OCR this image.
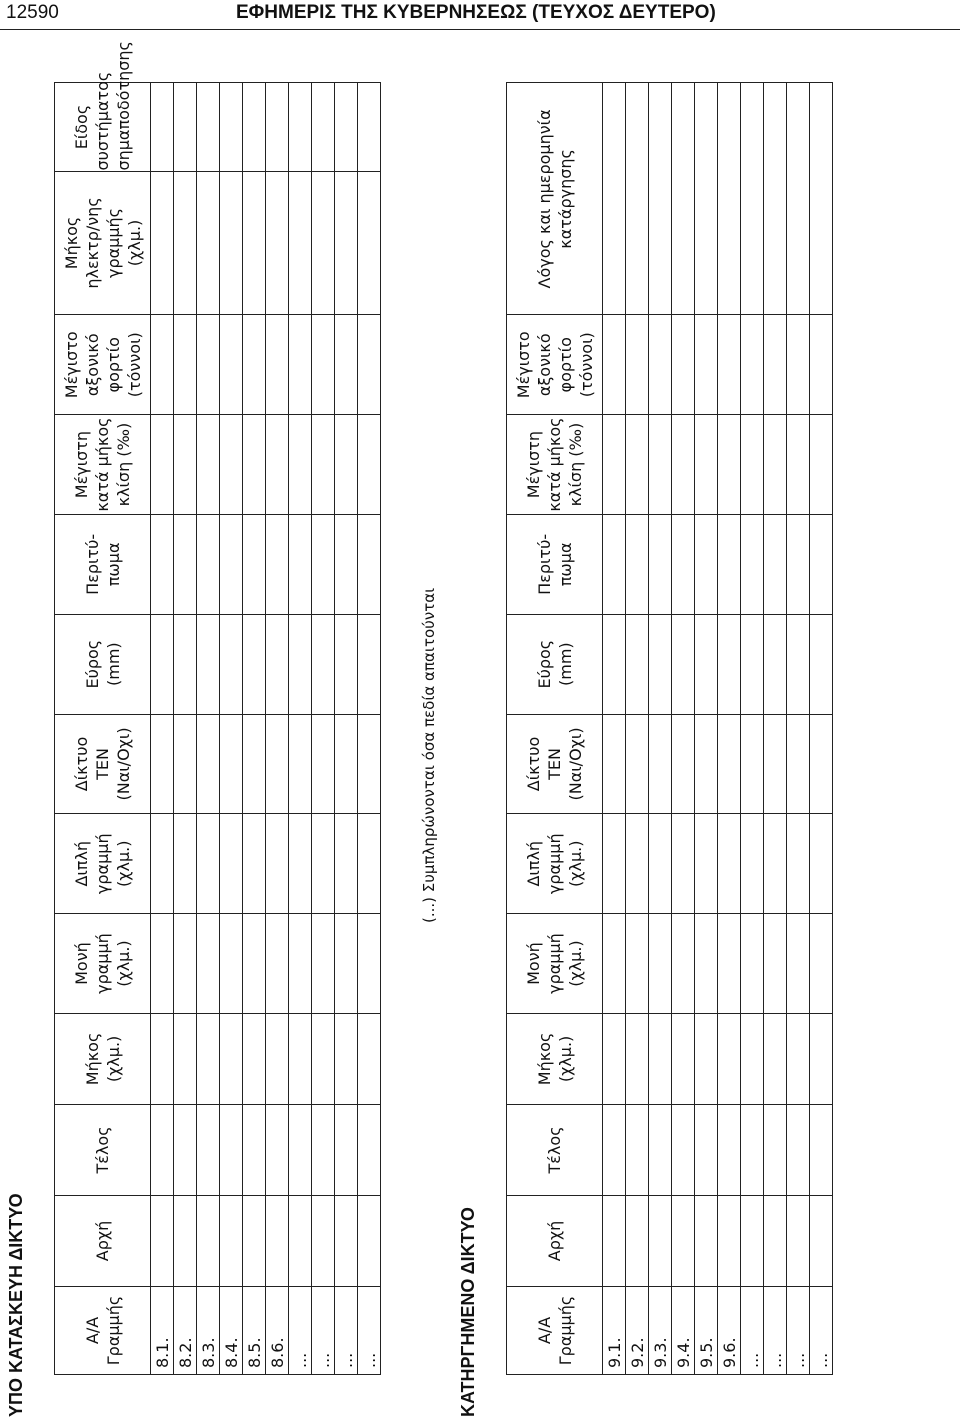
12590	ΕΦΗΜΕΡΙΣ ΤΗΣ ΚΥΒΕΡΝΗΣΕΩΣ (ΤΕΥΧΟΣ ΔΕΥΤΕΡΟ)
ΥΠΟ ΚΑΤΑΣΚΕΥΗ ΔΙΚΤΥΟ	Α/Α Γραμμής	Αρχή	Τέλος	Μήκος (χλμ.)	Μονή γραμμή (χλμ.)	Διπλή γραμμή (χλμ.)	Δίκτυο ΤΕΝ (Ναι/Οχι)	Εύρος (mm)	Περιτύ- πωμα	Μέγιστη κατά μήκος κλίση (‰)	Μέγιστο αξονικό φορτίο (τόννοι)	Μήκος ηλεκτρ/νης γραμμής (χλμ.)	Είδος συστήματος σημαποδότησης

8.1.												
8.2.												
8.3.												
8.4.												
8.5.												
8.6.												
...												
...												
...												
...												
(...) Συμπληρώνονται όσα πεδία απαιτούνται
ΚΑΤΗΡΓΗΜΕΝΟ ΔΙΚΤΥΟ	Α/Α Γραμμής	Αρχή	Τέλος	Μήκος (χλμ.)	Μονή γραμμή (χλμ.)	Διπλή γραμμή (χλμ.)	Δίκτυο ΤΕΝ (Ναι/Οχι)	Εύρος (mm)	Περιτύ- πωμα	Μέγιστη κατά μήκος κλίση (‰)	Μέγιστο αξονικό φορτίο (τόννοι)	Λόγος και ημερομηνία κατάργησης

9.1.											
9.2.											
9.3.											
9.4.											
9.5.											
9.6.											
...											
...											
...											
...											
